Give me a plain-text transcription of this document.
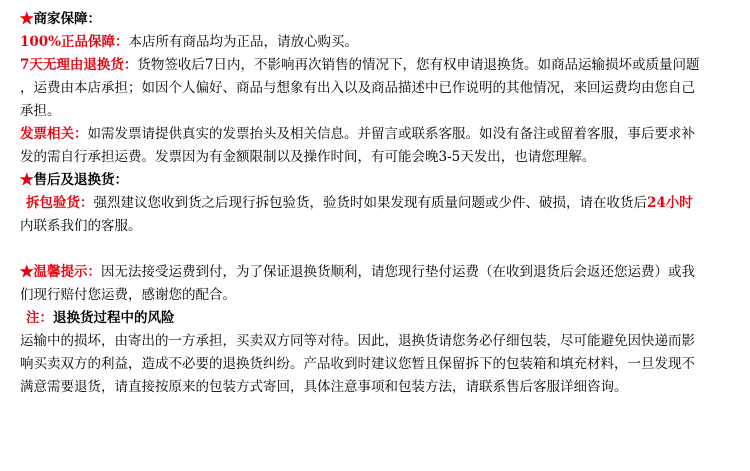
★商家保障：
100%正品保障：本店所有商品均为正品，请放心购买。
7天无理由退换货：货物签收后7日内，不影响再次销售的情况下，您有权申请退换货。如商品运输损坏或质量问题
，运费由本店承担；如因个人偏好、商品与想象有出入以及商品描述中已作说明的其他情况，来回运费均由您自己
承担。
发票相关：如需发票请提供真实的发票抬头及相关信息。并留言或联系客服。如没有备注或留着客服，事后要求补
发的需自行承担运费。发票因为有金额限制以及操作时间，有可能会晚3-5天发出，也请您理解。
★售后及退换货：
拆包验货：强烈建议您收到货之后现行拆包验货，验货时如果发现有质量问题或少件、破损，请在收货后24小时
内联系我们的客服。
★温馨提示：因无法接受运费到付，为了保证退换货顺利，请您现行垫付运费（在收到退货后会返还您运费）或我
们现行赔付您运费，感谢您的配合。
注：退换货过程中的风险
运输中的损坏，由寄出的一方承担，买卖双方同等对待。因此，退换货请您务必仔细包装，尽可能避免因快递而影
响买卖双方的利益，造成不必要的退换货纠纷。产品收到时建议您暂且保留拆下的包装箱和填充材料，一旦发现不
满意需要退货，请直接按原来的包装方式寄回，具体注意事项和包装方法，请联系售后客服详细咨询。
